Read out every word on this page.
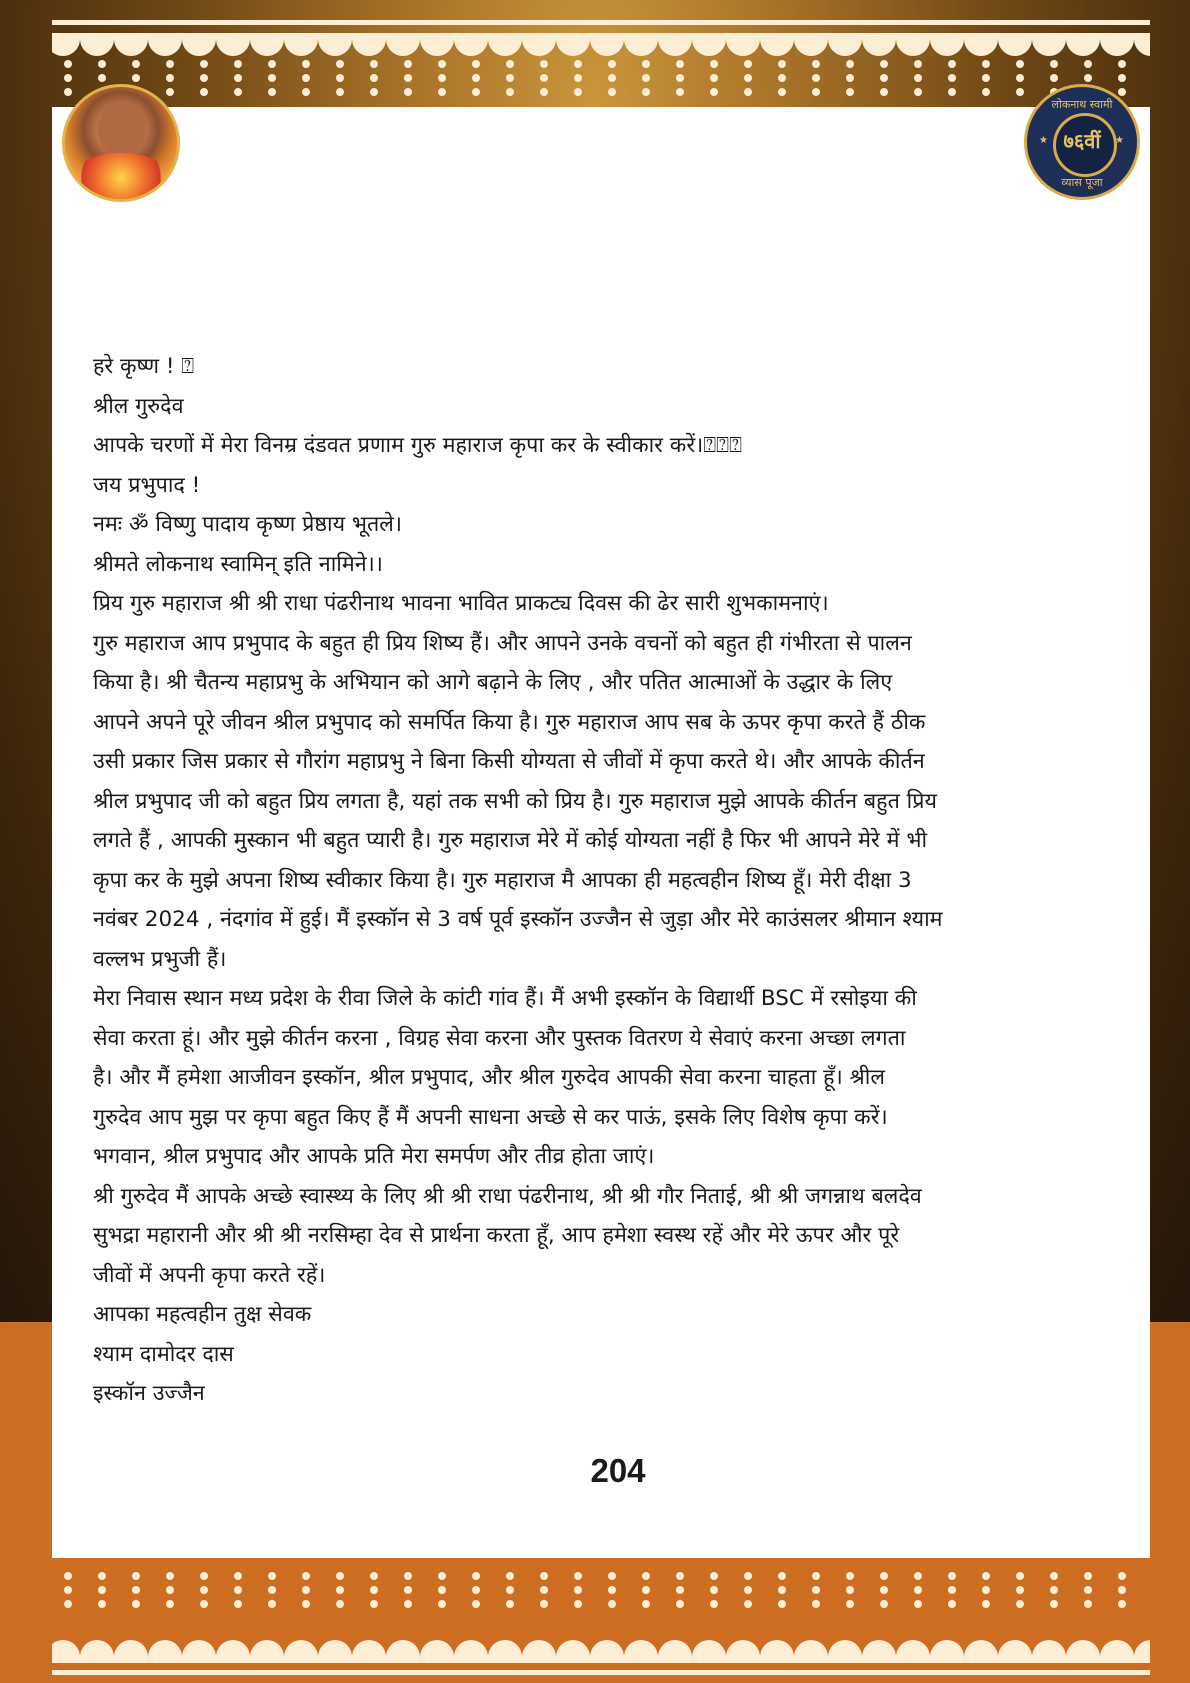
लोकनाथ स्वामी
७६वीं
★	★
व्यास पूजा
हरे कृष्ण ! ⍰
श्रील गुरुदेव
आपके चरणों में मेरा विनम्र दंडवत प्रणाम गुरु महाराज कृपा कर के स्वीकार करें।⍰⍰⍰
जय प्रभुपाद !
नमः ॐ विष्णु पादाय कृष्ण प्रेष्ठाय भूतले।
श्रीमते लोकनाथ स्वामिन् इति नामिने।।
प्रिय गुरु महाराज श्री श्री राधा पंढरीनाथ भावना भावित प्राकट्य दिवस की ढेर सारी शुभकामनाएं।
गुरु महाराज आप प्रभुपाद के बहुत ही प्रिय शिष्य हैं। और आपने उनके वचनों को बहुत ही गंभीरता से पालन
किया है। श्री चैतन्य महाप्रभु के अभियान को आगे बढ़ाने के लिए , और पतित आत्माओं के उद्धार के लिए
आपने अपने पूरे जीवन श्रील प्रभुपाद को समर्पित किया है। गुरु महाराज आप सब के ऊपर कृपा करते हैं ठीक
उसी प्रकार जिस प्रकार से गौरांग महाप्रभु ने बिना किसी योग्यता से जीवों में कृपा करते थे। और आपके कीर्तन
श्रील प्रभुपाद जी को बहुत प्रिय लगता है, यहां तक सभी को प्रिय है। गुरु महाराज मुझे आपके कीर्तन बहुत प्रिय
लगते हैं , आपकी मुस्कान भी बहुत प्यारी है। गुरु महाराज मेरे में कोई योग्यता नहीं है फिर भी आपने मेरे में भी
कृपा कर के मुझे अपना शिष्य स्वीकार किया है। गुरु महाराज मै आपका ही महत्वहीन शिष्य हूँ। मेरी दीक्षा 3
नवंबर 2024 , नंदगांव में हुई। मैं इस्कॉन से 3 वर्ष पूर्व इस्कॉन उज्जैन से जुड़ा और मेरे काउंसलर श्रीमान श्याम
वल्लभ प्रभुजी हैं।
मेरा निवास स्थान मध्य प्रदेश के रीवा जिले के कांटी गांव हैं। मैं अभी इस्कॉन के विद्यार्थी BSC में रसोइया की
सेवा करता हूं। और मुझे कीर्तन करना , विग्रह सेवा करना और पुस्तक वितरण ये सेवाएं करना अच्छा लगता
है। और मैं हमेशा आजीवन इस्कॉन, श्रील प्रभुपाद, और श्रील गुरुदेव आपकी सेवा करना चाहता हूँ। श्रील
गुरुदेव आप मुझ पर कृपा बहुत किए हैं मैं अपनी साधना अच्छे से कर पाऊं, इसके लिए विशेष कृपा करें।
भगवान, श्रील प्रभुपाद और आपके प्रति मेरा समर्पण और तीव्र होता जाएं।
श्री गुरुदेव मैं आपके अच्छे स्वास्थ्य के लिए श्री श्री राधा पंढरीनाथ, श्री श्री गौर निताई, श्री श्री जगन्नाथ बलदेव
सुभद्रा महारानी और श्री श्री नरसिम्हा देव से प्रार्थना करता हूँ, आप हमेशा स्वस्थ रहें और मेरे ऊपर और पूरे
जीवों में अपनी कृपा करते रहें।
आपका महत्वहीन तुक्ष सेवक
श्याम दामोदर दास
इस्कॉन उज्जैन
204
